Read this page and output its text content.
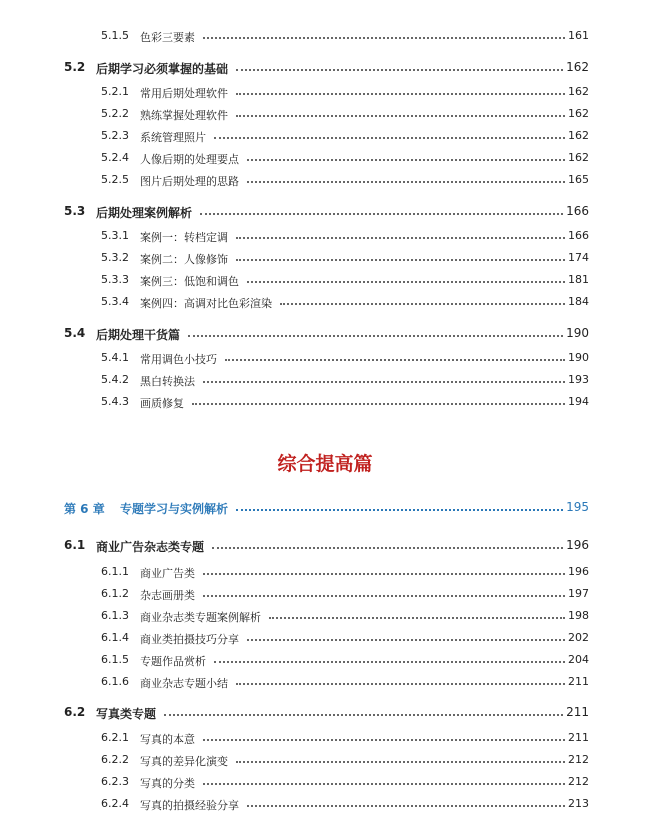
综合提高篇
5.1.5 色彩三要素	161
5.2 后期学习必须掌握的基础	162
5.2.1 常用后期处理软件	162
5.2.2 熟练掌握处理软件	162
5.2.3 系统管理照片	162
5.2.4 人像后期的处理要点	162
5.2.5 图片后期处理的思路	165
5.3 后期处理案例解析	166
5.3.1 案例一：转档定调	166
5.3.2 案例二：人像修饰	174
5.3.3 案例三：低饱和调色	181
5.3.4 案例四：高调对比色彩渲染	184
5.4 后期处理干货篇	190
5.4.1 常用调色小技巧	190
5.4.2 黑白转换法	193
5.4.3 画质修复	194
第 6 章 专题学习与实例解析	195
6.1 商业广告杂志类专题	196
6.1.1 商业广告类	196
6.1.2 杂志画册类	197
6.1.3 商业杂志类专题案例解析	198
6.1.4 商业类拍摄技巧分享	202
6.1.5 专题作品赏析	204
6.1.6 商业杂志专题小结	211
6.2 写真类专题	211
6.2.1 写真的本意	211
6.2.2 写真的差异化演变	212
6.2.3 写真的分类	212
6.2.4 写真的拍摄经验分享	213
